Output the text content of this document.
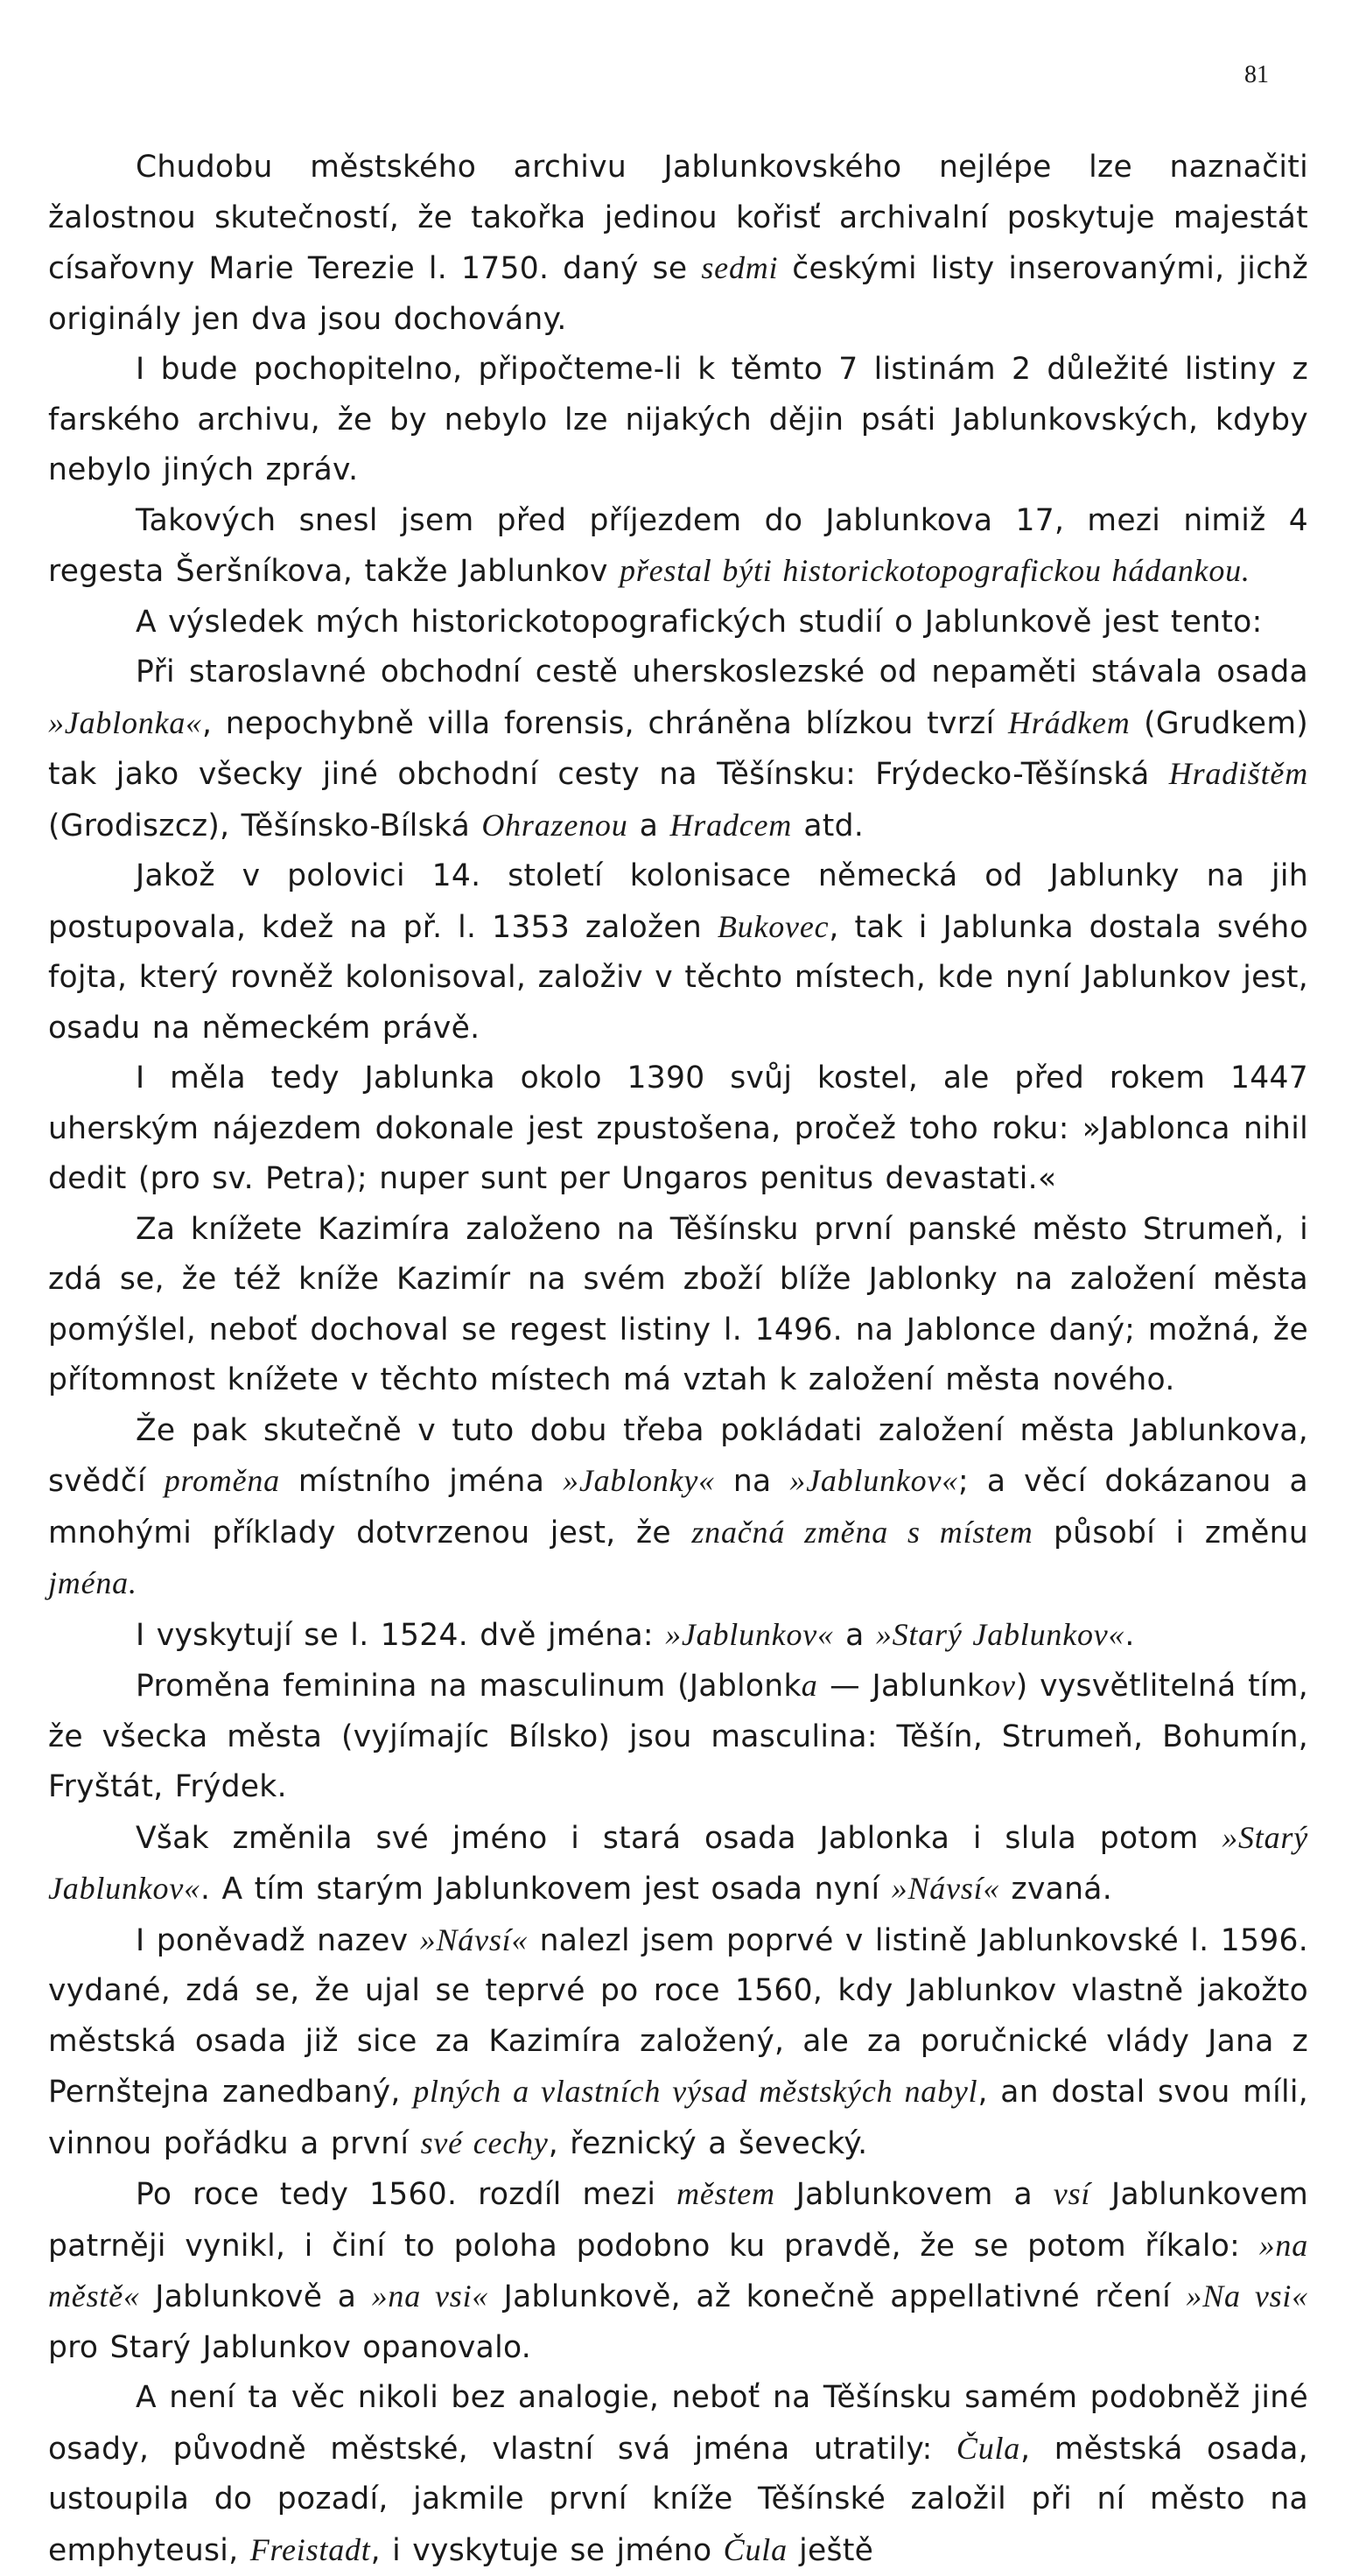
81

Chudobu městského archivu Jablunkovského nejlépe lze naznačiti žalostnou skutečností, že takořka jedinou kořisť archivalní poskytuje majestát císařovny Marie Terezie l. 1750. daný se sedmi českými listy inserovanými, jichž originály jen dva jsou dochovány.

I bude pochopitelno, připočteme-li k těmto 7 listinám 2 důležité listiny z farského archivu, že by nebylo lze nijakých dějin psáti Jablunkovských, kdyby nebylo jiných zpráv.

Takových snesl jsem před příjezdem do Jablunkova 17, mezi nimiž 4 regesta Šeršníkova, takže Jablunkov přestal býti historickotopografickou hádankou.

A výsledek mých historickotopografických studií o Jablunkově jest tento:

Při staroslavné obchodní cestě uherskoslezské od nepaměti stávala osada »Jablonka«, nepochybně villa forensis, chráněna blízkou tvrzí Hrádkem (Grudkem) tak jako všecky jiné obchodní cesty na Těšínsku: Frýdecko-Těšínská Hradištěm (Grodiszcz), Těšínsko-Bílská Ohrazenou a Hradcem atd.

Jakož v polovici 14. století kolonisace německá od Jablunky na jih postupovala, kdež na př. l. 1353 založen Bukovec, tak i Jablunka dostala svého fojta, který rovněž kolonisoval, založiv v těchto místech, kde nyní Jablunkov jest, osadu na německém právě.

I měla tedy Jablunka okolo 1390 svůj kostel, ale před rokem 1447 uherským nájezdem dokonale jest zpustošena, pročež toho roku: »Jablonca nihil dedit (pro sv. Petra); nuper sunt per Ungaros penitus devastati.«

Za knížete Kazimíra založeno na Těšínsku první panské město Strumeň, i zdá se, že též kníže Kazimír na svém zboží blíže Jablonky na založení města pomýšlel, neboť dochoval se regest listiny l. 1496. na Jablonce daný; možná, že přítomnost knížete v těchto místech má vztah k založení města nového.

Že pak skutečně v tuto dobu třeba pokládati založení města Jablunkova, svědčí proměna místního jména »Jablonky« na »Jablunkov«; a věcí dokázanou a mnohými příklady dotvrzenou jest, že značná změna s místem působí i změnu jména.

I vyskytují se l. 1524. dvě jména: »Jablunkov« a »Starý Jablunkov«.

Proměna feminina na masculinum (Jablonka — Jablunkov) vysvětlitelná tím, že všecka města (vyjímajíc Bílsko) jsou masculina: Těšín, Strumeň, Bohumín, Fryštát, Frýdek.

Však změnila své jméno i stará osada Jablonka i slula potom »Starý Jablunkov«. A tím starým Jablunkovem jest osada nyní »Návsí« zvaná.

I poněvadž nazev »Návsí« nalezl jsem poprvé v listině Jablunkovské l. 1596. vydané, zdá se, že ujal se teprvé po roce 1560, kdy Jablunkov vlastně jakožto městská osada již sice za Kazimíra založený, ale za poručnické vlády Jana z Pernštejna zanedbaný, plných a vlastních výsad městských nabyl, an dostal svou míli, vinnou pořádku a první své cechy, řeznický a ševecký.

Po roce tedy 1560. rozdíl mezi městem Jablunkovem a vsí Jablunkovem patrněji vynikl, i činí to poloha podobno ku pravdě, že se potom říkalo: »na městě« Jablunkově a »na vsi« Jablunkově, až konečně appellativné rčení »Na vsi« pro Starý Jablunkov opanovalo.

A není ta věc nikoli bez analogie, neboť na Těšínsku samém podobněž jiné osady, původně městské, vlastní svá jména utratily: Čula, městská osada, ustoupila do pozadí, jakmile první kníže Těšínské založil při ní město na emphyteusi, Freistadt, i vyskytuje se jméno Čula ještě
